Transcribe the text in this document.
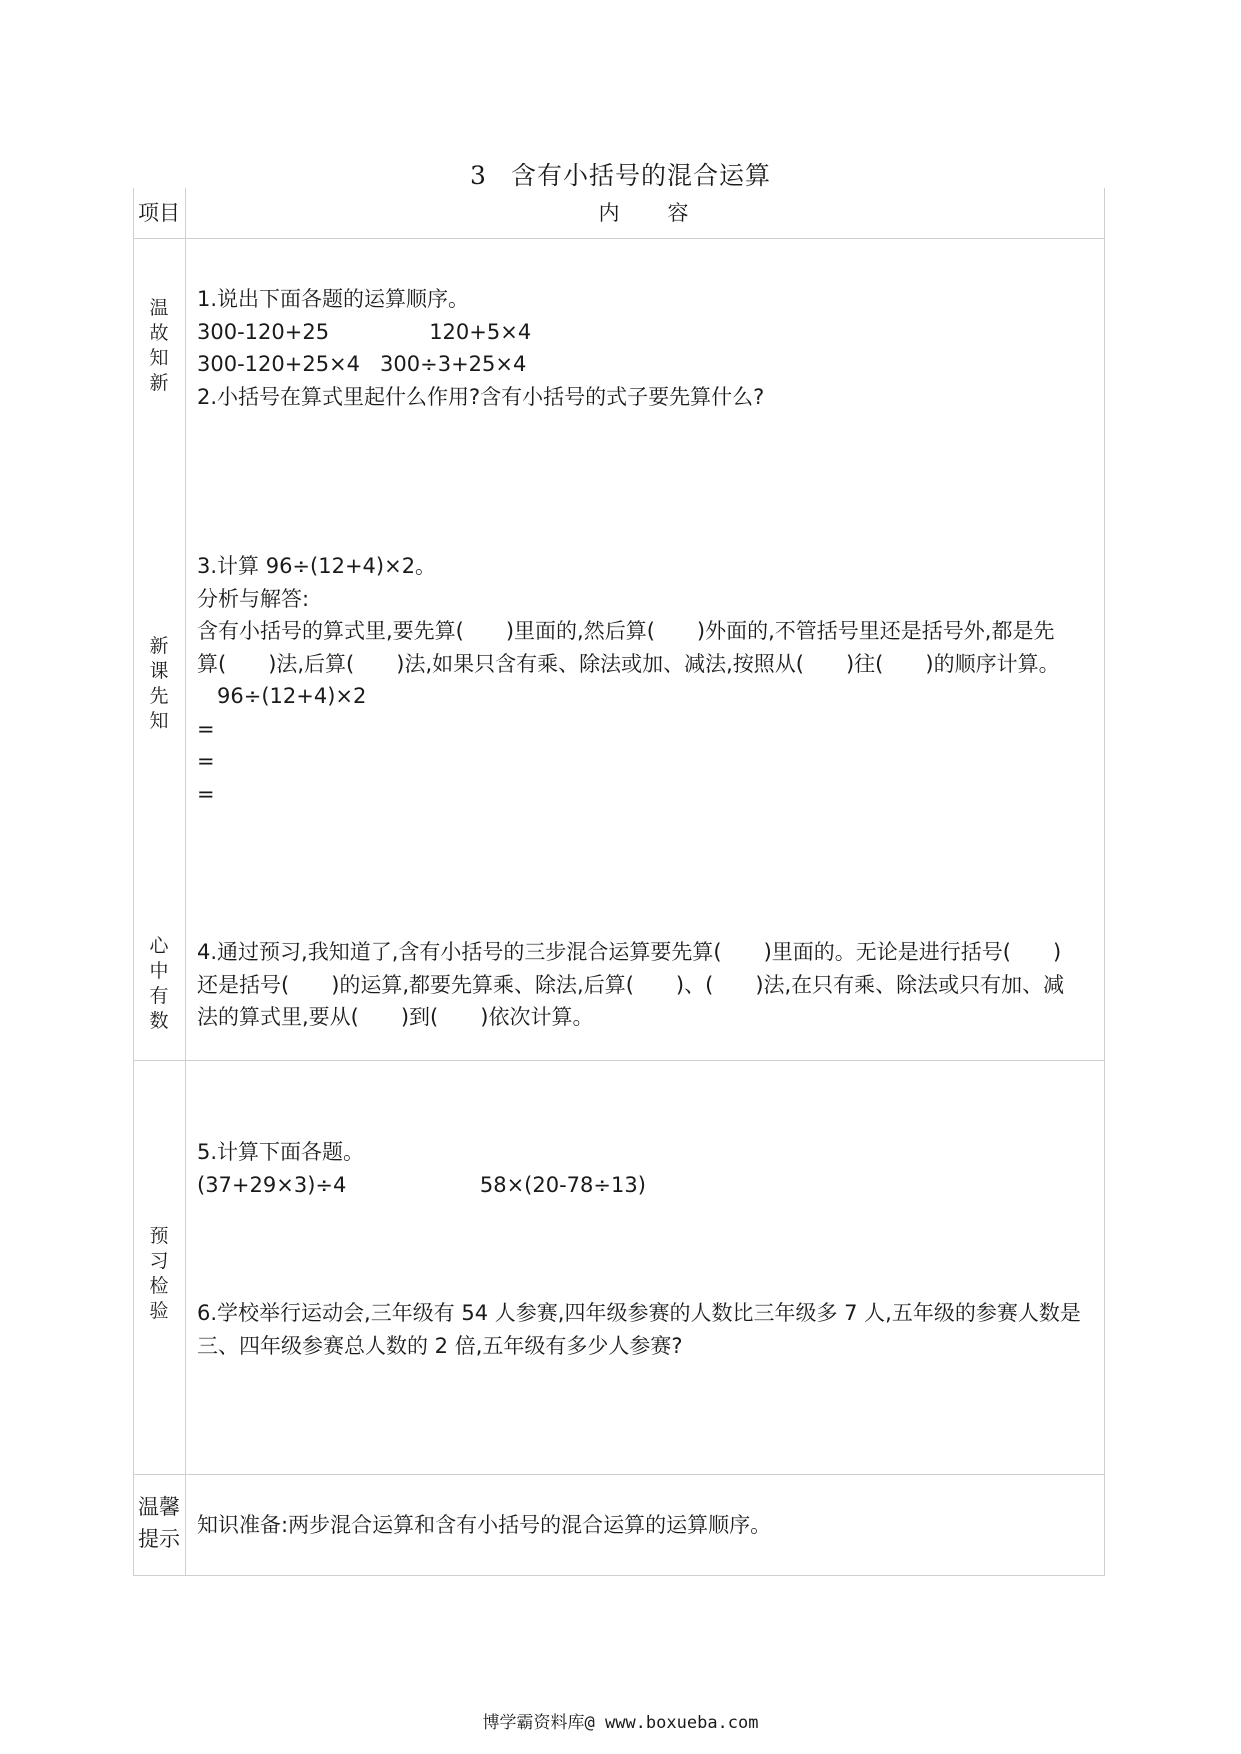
3 含有小括号的混合运算
项目	内　　容
温
故
知
新
新
课
先
知
心
中
有
数
预
习
检
验
温馨
提示

1.说出下面各题的运算顺序。

300-120+25               120+5×4

300-120+25×4   300÷3+25×4

2.小括号在算式里起什么作用?含有小括号的式子要先算什么?

3.计算 96÷(12+4)×2。

分析与解答:

含有小括号的算式里,要先算(　　)里面的,然后算(　　)外面的,不管括号里还是括号外,都是先

算(　　)法,后算(　　)法,如果只含有乘、除法或加、减法,按照从(　　)往(　　)的顺序计算。

96÷(12+4)×2

=

=

=

4.通过预习,我知道了,含有小括号的三步混合运算要先算(　　)里面的。无论是进行括号(　　)

还是括号(　　)的运算,都要先算乘、除法,后算(　　)、(　　)法,在只有乘、除法或只有加、减

法的算式里,要从(　　)到(　　)依次计算。

5.计算下面各题。

(37+29×3)÷4                    58×(20-78÷13)

6.学校举行运动会,三年级有 54 人参赛,四年级参赛的人数比三年级多 7 人,五年级的参赛人数是

三、四年级参赛总人数的 2 倍,五年级有多少人参赛?

知识准备:两步混合运算和含有小括号的混合运算的运算顺序。

博学霸资料库@ www.boxueba.com
